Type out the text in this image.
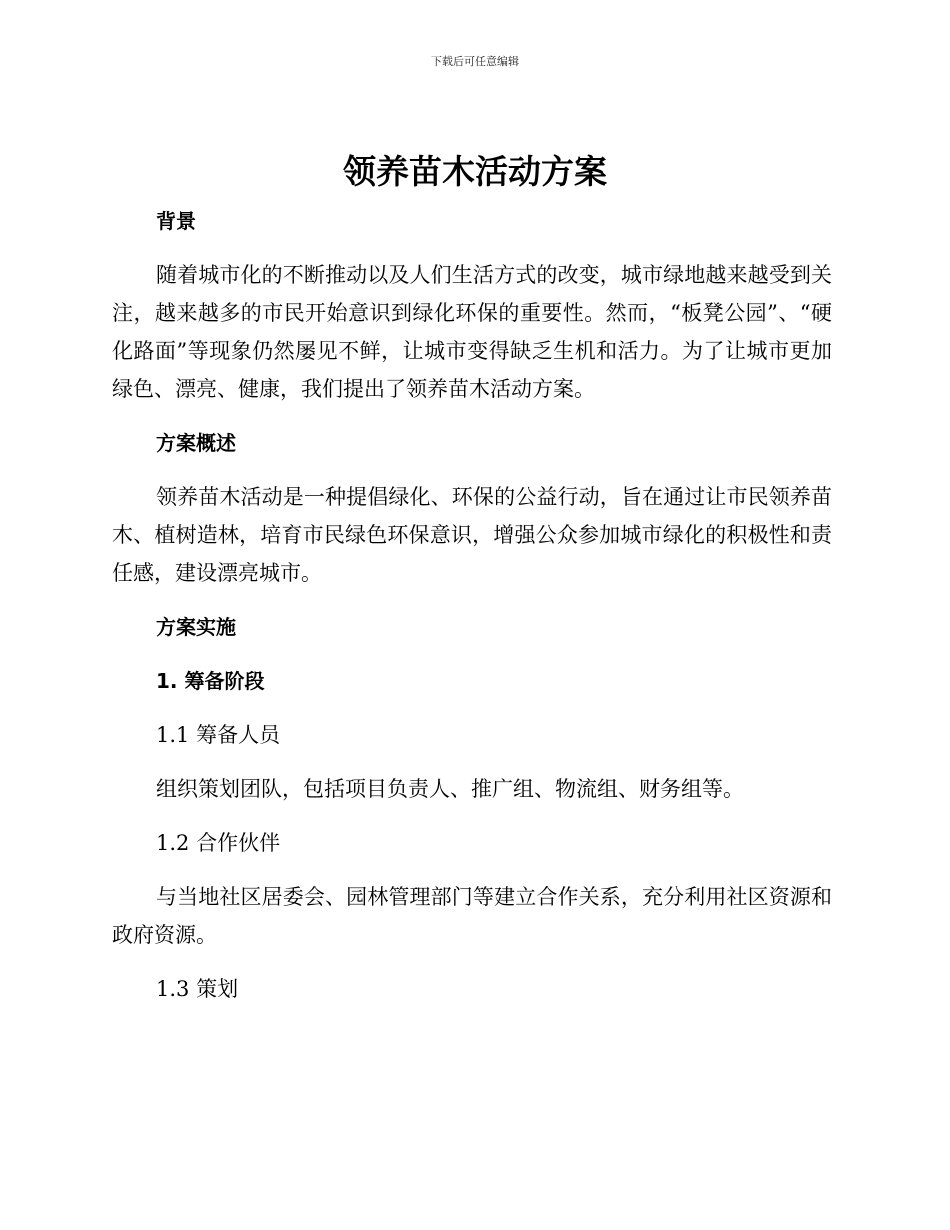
下载后可任意编辑
领养苗木活动方案
背景

随着城市化的不断推动以及人们生活方式的改变，城市绿地越来越受到关注，越来越多的市民开始意识到绿化环保的重要性。然而，“板凳公园”、“硬化路面”等现象仍然屡见不鲜，让城市变得缺乏生机和活力。为了让城市更加绿色、漂亮、健康，我们提出了领养苗木活动方案。

方案概述

领养苗木活动是一种提倡绿化、环保的公益行动，旨在通过让市民领养苗木、植树造林，培育市民绿色环保意识，增强公众参加城市绿化的积极性和责任感，建设漂亮城市。

方案实施
1. 筹备阶段
1.1 筹备人员

组织策划团队，包括项目负责人、推广组、物流组、财务组等。

1.2 合作伙伴

与当地社区居委会、园林管理部门等建立合作关系，充分利用社区资源和政府资源。

1.3 策划
